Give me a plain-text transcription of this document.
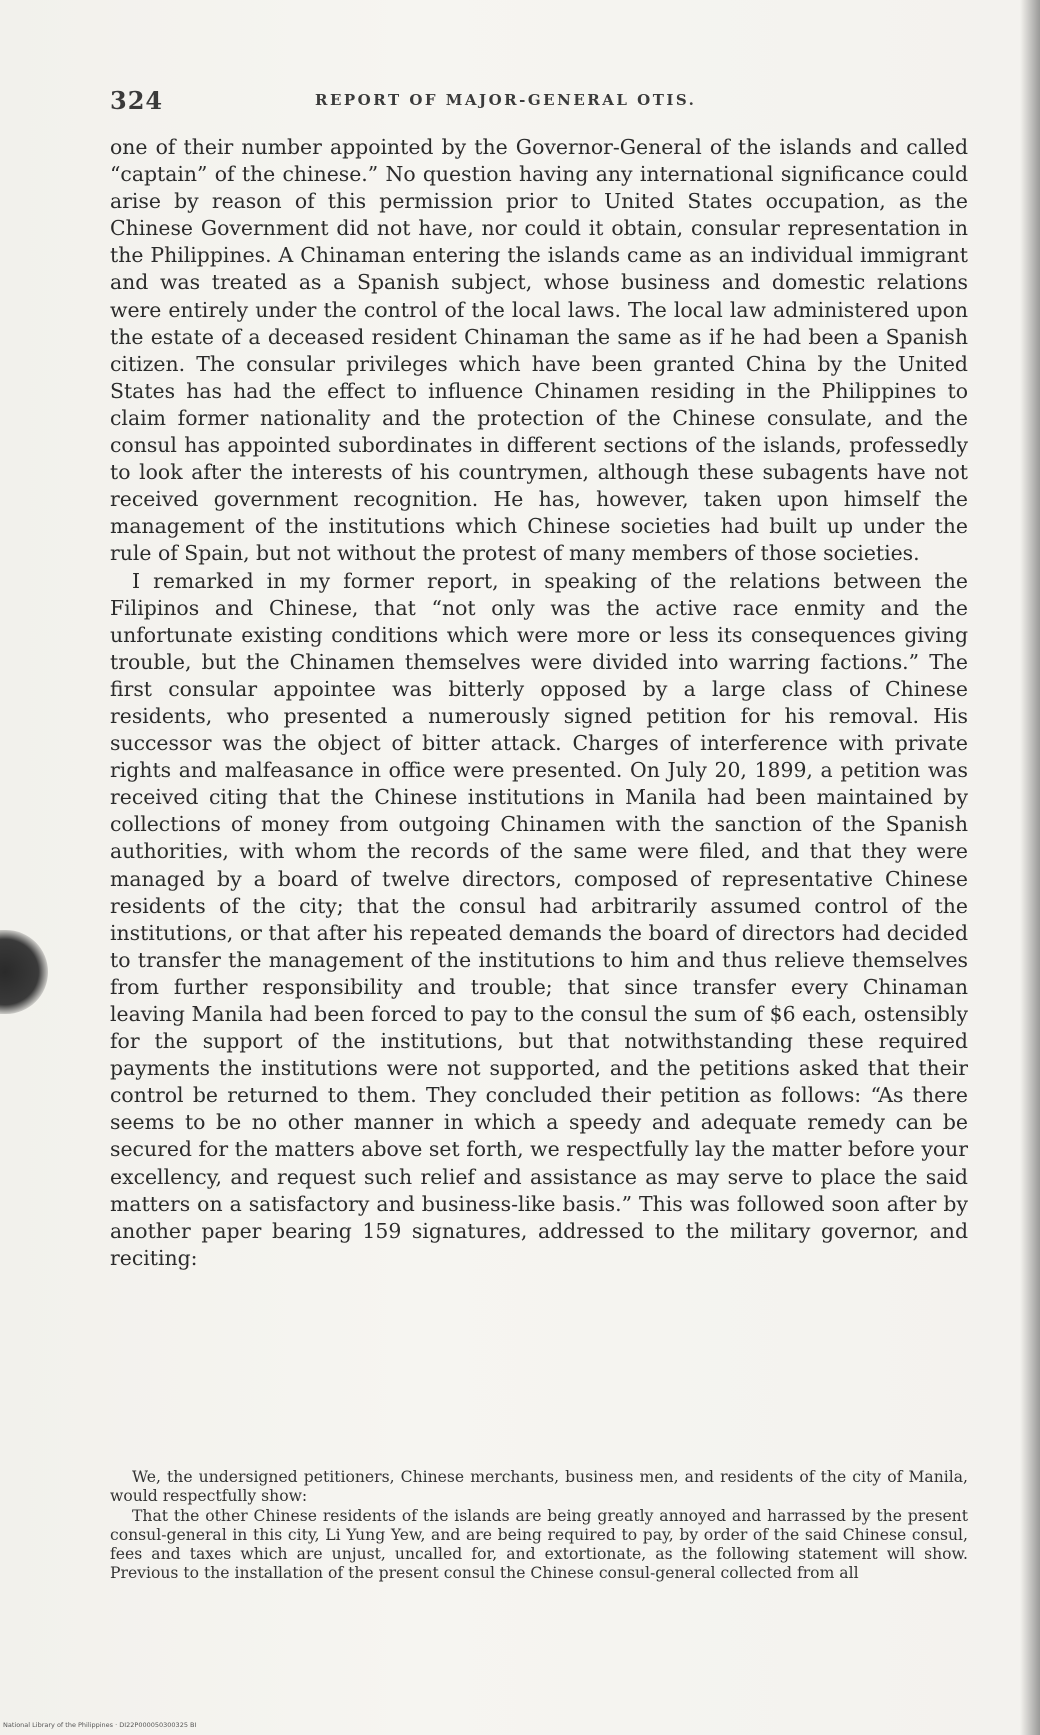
324	REPORT OF MAJOR-GENERAL OTIS.

one of their number appointed by the Governor-General of the islands and called “captain” of the chinese.” No question having any international significance could arise by reason of this permission prior to United States occupation, as the Chinese Government did not have, nor could it obtain, consular representation in the Philippines. A Chinaman entering the islands came as an individual immigrant and was treated as a Spanish subject, whose business and domestic relations were entirely under the control of the local laws. The local law administered upon the estate of a deceased resident Chinaman the same as if he had been a Spanish citizen. The consular privileges which have been granted China by the United States has had the effect to influence Chinamen residing in the Philippines to claim former nationality and the protection of the Chinese consulate, and the consul has appointed subordinates in different sections of the islands, professedly to look after the interests of his countrymen, although these subagents have not received government recognition. He has, however, taken upon himself the management of the institutions which Chinese societies had built up under the rule of Spain, but not without the protest of many members of those societies.

I remarked in my former report, in speaking of the relations between the Filipinos and Chinese, that “not only was the active race enmity and the unfortunate existing conditions which were more or less its consequences giving trouble, but the Chinamen themselves were divided into warring factions.” The first consular appointee was bitterly opposed by a large class of Chinese residents, who presented a numerously signed petition for his removal. His successor was the object of bitter attack. Charges of interference with private rights and malfeasance in office were presented. On July 20, 1899, a petition was received citing that the Chinese institutions in Manila had been maintained by collections of money from outgoing Chinamen with the sanction of the Spanish authorities, with whom the records of the same were filed, and that they were managed by a board of twelve directors, composed of representative Chinese residents of the city; that the consul had arbitrarily assumed control of the institutions, or that after his repeated demands the board of directors had decided to transfer the management of the institutions to him and thus relieve themselves from further responsibility and trouble; that since transfer every Chinaman leaving Manila had been forced to pay to the consul the sum of $6 each, ostensibly for the support of the institutions, but that notwithstanding these required payments the institutions were not supported, and the petitions asked that their control be returned to them. They concluded their petition as follows: “As there seems to be no other manner in which a speedy and adequate remedy can be secured for the matters above set forth, we respectfully lay the matter before your excellency, and request such relief and assistance as may serve to place the said matters on a satisfactory and business-like basis.” This was followed soon after by another paper bearing 159 signatures, addressed to the military governor, and reciting:

We, the undersigned petitioners, Chinese merchants, business men, and residents of the city of Manila, would respectfully show:

That the other Chinese residents of the islands are being greatly annoyed and harrassed by the present consul-general in this city, Li Yung Yew, and are being required to pay, by order of the said Chinese consul, fees and taxes which are unjust, uncalled for, and extortionate, as the following statement will show. Previous to the installation of the present consul the Chinese consul-general collected from all

National Library of the Philippines · DI22P000050300325 BI
